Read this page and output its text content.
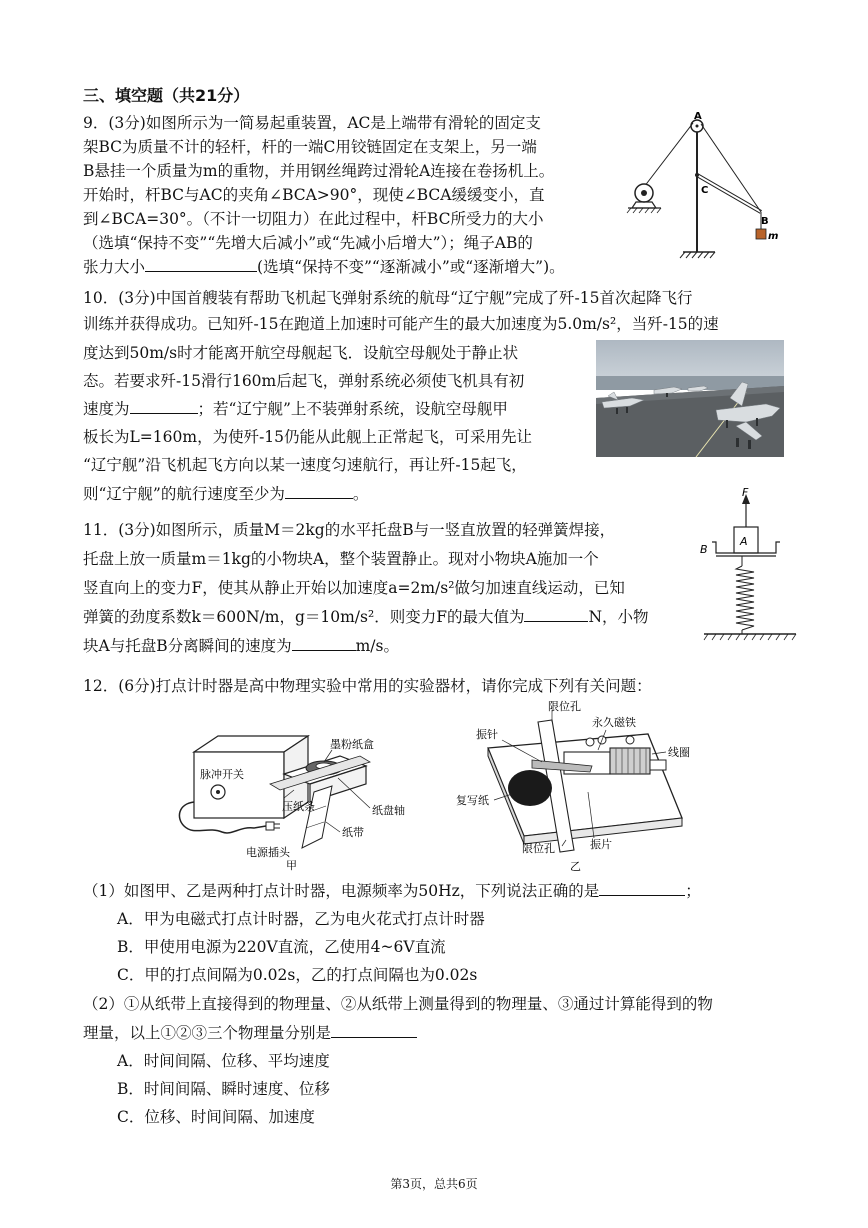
三、填空题（共21分）
9．(3分)如图所示为一简易起重装置，AC是上端带有滑轮的固定支
架BC为质量不计的轻杆，杆的一端C用铰链固定在支架上，另一端
B悬挂一个质量为m的重物，并用钢丝绳跨过滑轮A连接在卷扬机上。
开始时，杆BC与AC的夹角∠BCA>90°，现使∠BCA缓缓变小，直
到∠BCA=30°。（不计一切阻力）在此过程中，杆BC所受力的大小
（选填“保持不变”“先增大后减小”或“先减小后增大”）；绳子AB的
张力大小	(选填“保持不变”“逐渐减小”或“逐渐增大”)。
A
C
B
m
10．(3分)中国首艘装有帮助飞机起飞弹射系统的航母“辽宁舰”完成了歼-15首次起降飞行
训练并获得成功。已知歼-15在跑道上加速时可能产生的最大加速度为5.0m/s²，当歼-15的速
度达到50m/s时才能离开航空母舰起飞．设航空母舰处于静止状
态。若要求歼-15滑行160m后起飞，弹射系统必须使飞机具有初
速度为	；若“辽宁舰”上不装弹射系统，设航空母舰甲
板长为L=160m，为使歼-15仍能从此舰上正常起飞，可采用先让
“辽宁舰”沿飞机起飞方向以某一速度匀速航行，再让歼-15起飞，
则“辽宁舰”的航行速度至少为	。
11．(3分)如图所示，质量M＝2kg的水平托盘B与一竖直放置的轻弹簧焊接，
托盘上放一质量m＝1kg的小物块A，整个装置静止。现对小物块A施加一个
竖直向上的变力F，使其从静止开始以加速度a=2m/s²做匀加速直线运动，已知
弹簧的劲度系数k＝600N/m，g＝10m/s²．则变力F的最大值为	N，小物
块A与托盘B分离瞬间的速度为	m/s。
F
A
B
12．(6分)打点计时器是高中物理实验中常用的实验器材，请你完成下列有关问题：
脉冲开关
墨粉纸盒
压纸条	纸盘轴
纸带
电源插头
甲
限位孔
振针
永久磁铁
线圈
复写纸
限位孔	振片
乙
（1）如图甲、乙是两种打点计时器，电源频率为50Hz，下列说法正确的是	；
A．甲为电磁式打点计时器，乙为电火花式打点计时器
B．甲使用电源为220V直流，乙使用4~6V直流
C．甲的打点间隔为0.02s，乙的打点间隔也为0.02s
（2）①从纸带上直接得到的物理量、②从纸带上测量得到的物理量、③通过计算能得到的物
理量，以上①②③三个物理量分别是
A．时间间隔、位移、平均速度
B．时间间隔、瞬时速度、位移
C．位移、时间间隔、加速度
第3页，总共6页
